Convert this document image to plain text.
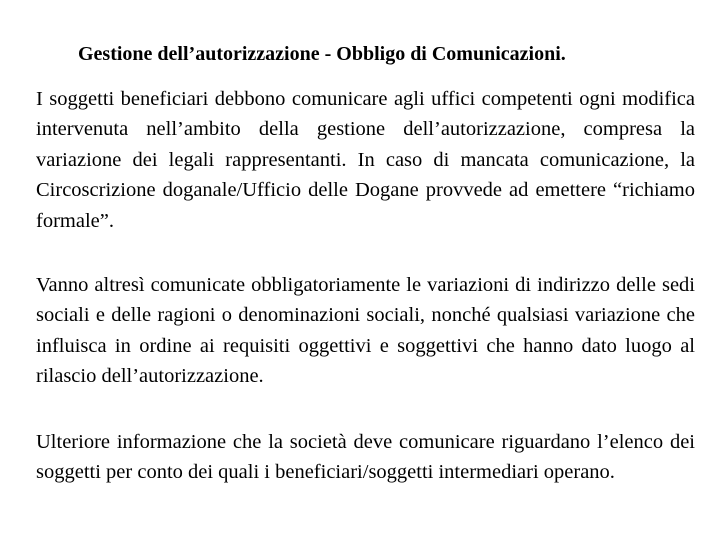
Gestione dell’autorizzazione - Obbligo di Comunicazioni.

I soggetti beneficiari debbono comunicare agli uffici competenti ogni modifica intervenuta nell’ambito della gestione dell’autorizzazione, compresa la variazione dei legali rappresentanti. In caso di mancata comunicazione, la Circoscrizione doganale/Ufficio delle Dogane provvede ad emettere “richiamo formale”.

Vanno altresì comunicate obbligatoriamente le variazioni di indirizzo delle sedi sociali e delle ragioni o denominazioni sociali, nonché qualsiasi variazione che influisca in ordine ai requisiti oggettivi e soggettivi che hanno dato luogo al rilascio dell’autorizzazione.

Ulteriore informazione che la società deve comunicare riguardano l’elenco dei soggetti per conto dei quali i beneficiari/soggetti intermediari operano.
